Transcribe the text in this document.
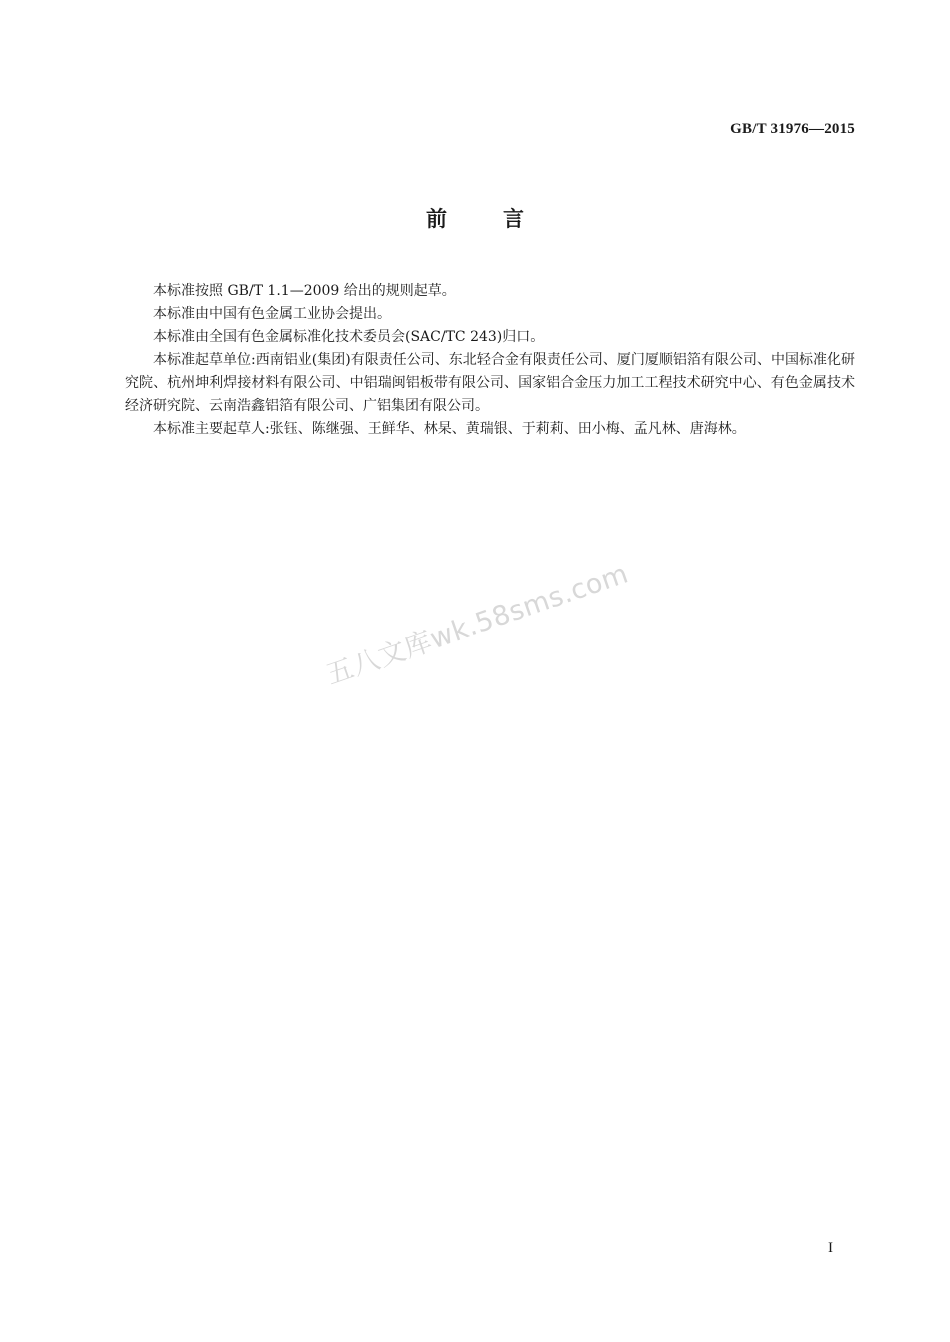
GB/T 31976—2015
前言

本标准按照 GB/T 1.1—2009 给出的规则起草。

本标准由中国有色金属工业协会提出。

本标准由全国有色金属标准化技术委员会(SAC/TC 243)归口。

本标准起草单位:西南铝业(集团)有限责任公司、东北轻合金有限责任公司、厦门厦顺铝箔有限公司、中国标准化研究院、杭州坤利焊接材料有限公司、中铝瑞闽铝板带有限公司、国家铝合金压力加工工程技术研究中心、有色金属技术经济研究院、云南浩鑫铝箔有限公司、广铝集团有限公司。

本标准主要起草人:张钰、陈继强、王鲜华、林杲、黄瑞银、于莉莉、田小梅、孟凡林、唐海林。

五八文库wk.58sms.com
I
